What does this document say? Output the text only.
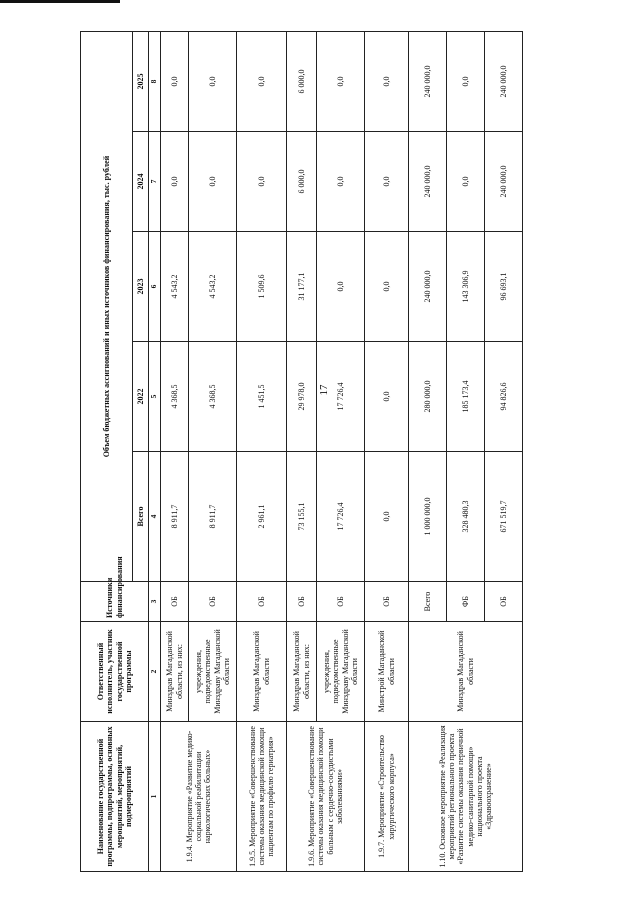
17
Наименование государственной программы, подпрограммы, основных мероприятий, мероприятий, подмероприятий	Ответственный исполнитель, участник государственной программы	Источники финансирования	Объем бюджетных ассигнований и иных источников финансирования, тыс. рублей				
			Всего	2022	2023	2024	2025
1	2	3	4	5	6	7	8
1.9.4. Мероприятие «Развитие медико-социальной реабилитации наркологических больных»	Минздрав Магаданской области, из них:	ОБ	8 911,7	4 368,5	4 543,2	0,0	0,0
	учреждения, подведомственные Минздраву Магаданской области	ОБ	8 911,7	4 368,5	4 543,2	0,0	0,0
1.9.5. Мероприятие «Совершенствование системы оказания медицинской помощи пациентам по профилю гериатрия»	Минздрав Магаданской области	ОБ	2 961,1	1 451,5	1 509,6	0,0	0,0
1.9.6. Мероприятие «Совершенствование системы оказания медицинской помощи больным с сердечно-сосудистыми заболеваниями»	Минздрав Магаданской области, из них:	ОБ	73 155,1	29 978,0	31 177,1	6 000,0	6 000,0
	учреждения, подведомственные Минздраву Магаданской области	ОБ	17 726,4	17 726,4	0,0	0,0	0,0
1.9.7. Мероприятие «Строительство хирургического корпуса»	Минстрой Магаданской области	ОБ	0,0	0,0	0,0	0,0	0,0
1.10. Основное мероприятие «Реализация мероприятий регионального проекта «Развитие системы оказания первичной медико-санитарной помощи» национального проекта «Здравоохранение»	Минздрав Магаданской области	Всего	1 000 000,0	280 000,0	240 000,0	240 000,0	240 000,0
		ФБ	328 480,3	185 173,4	143 306,9	0,0	0,0
		ОБ	671 519,7	94 826,6	96 693,1	240 000,0	240 000,0
